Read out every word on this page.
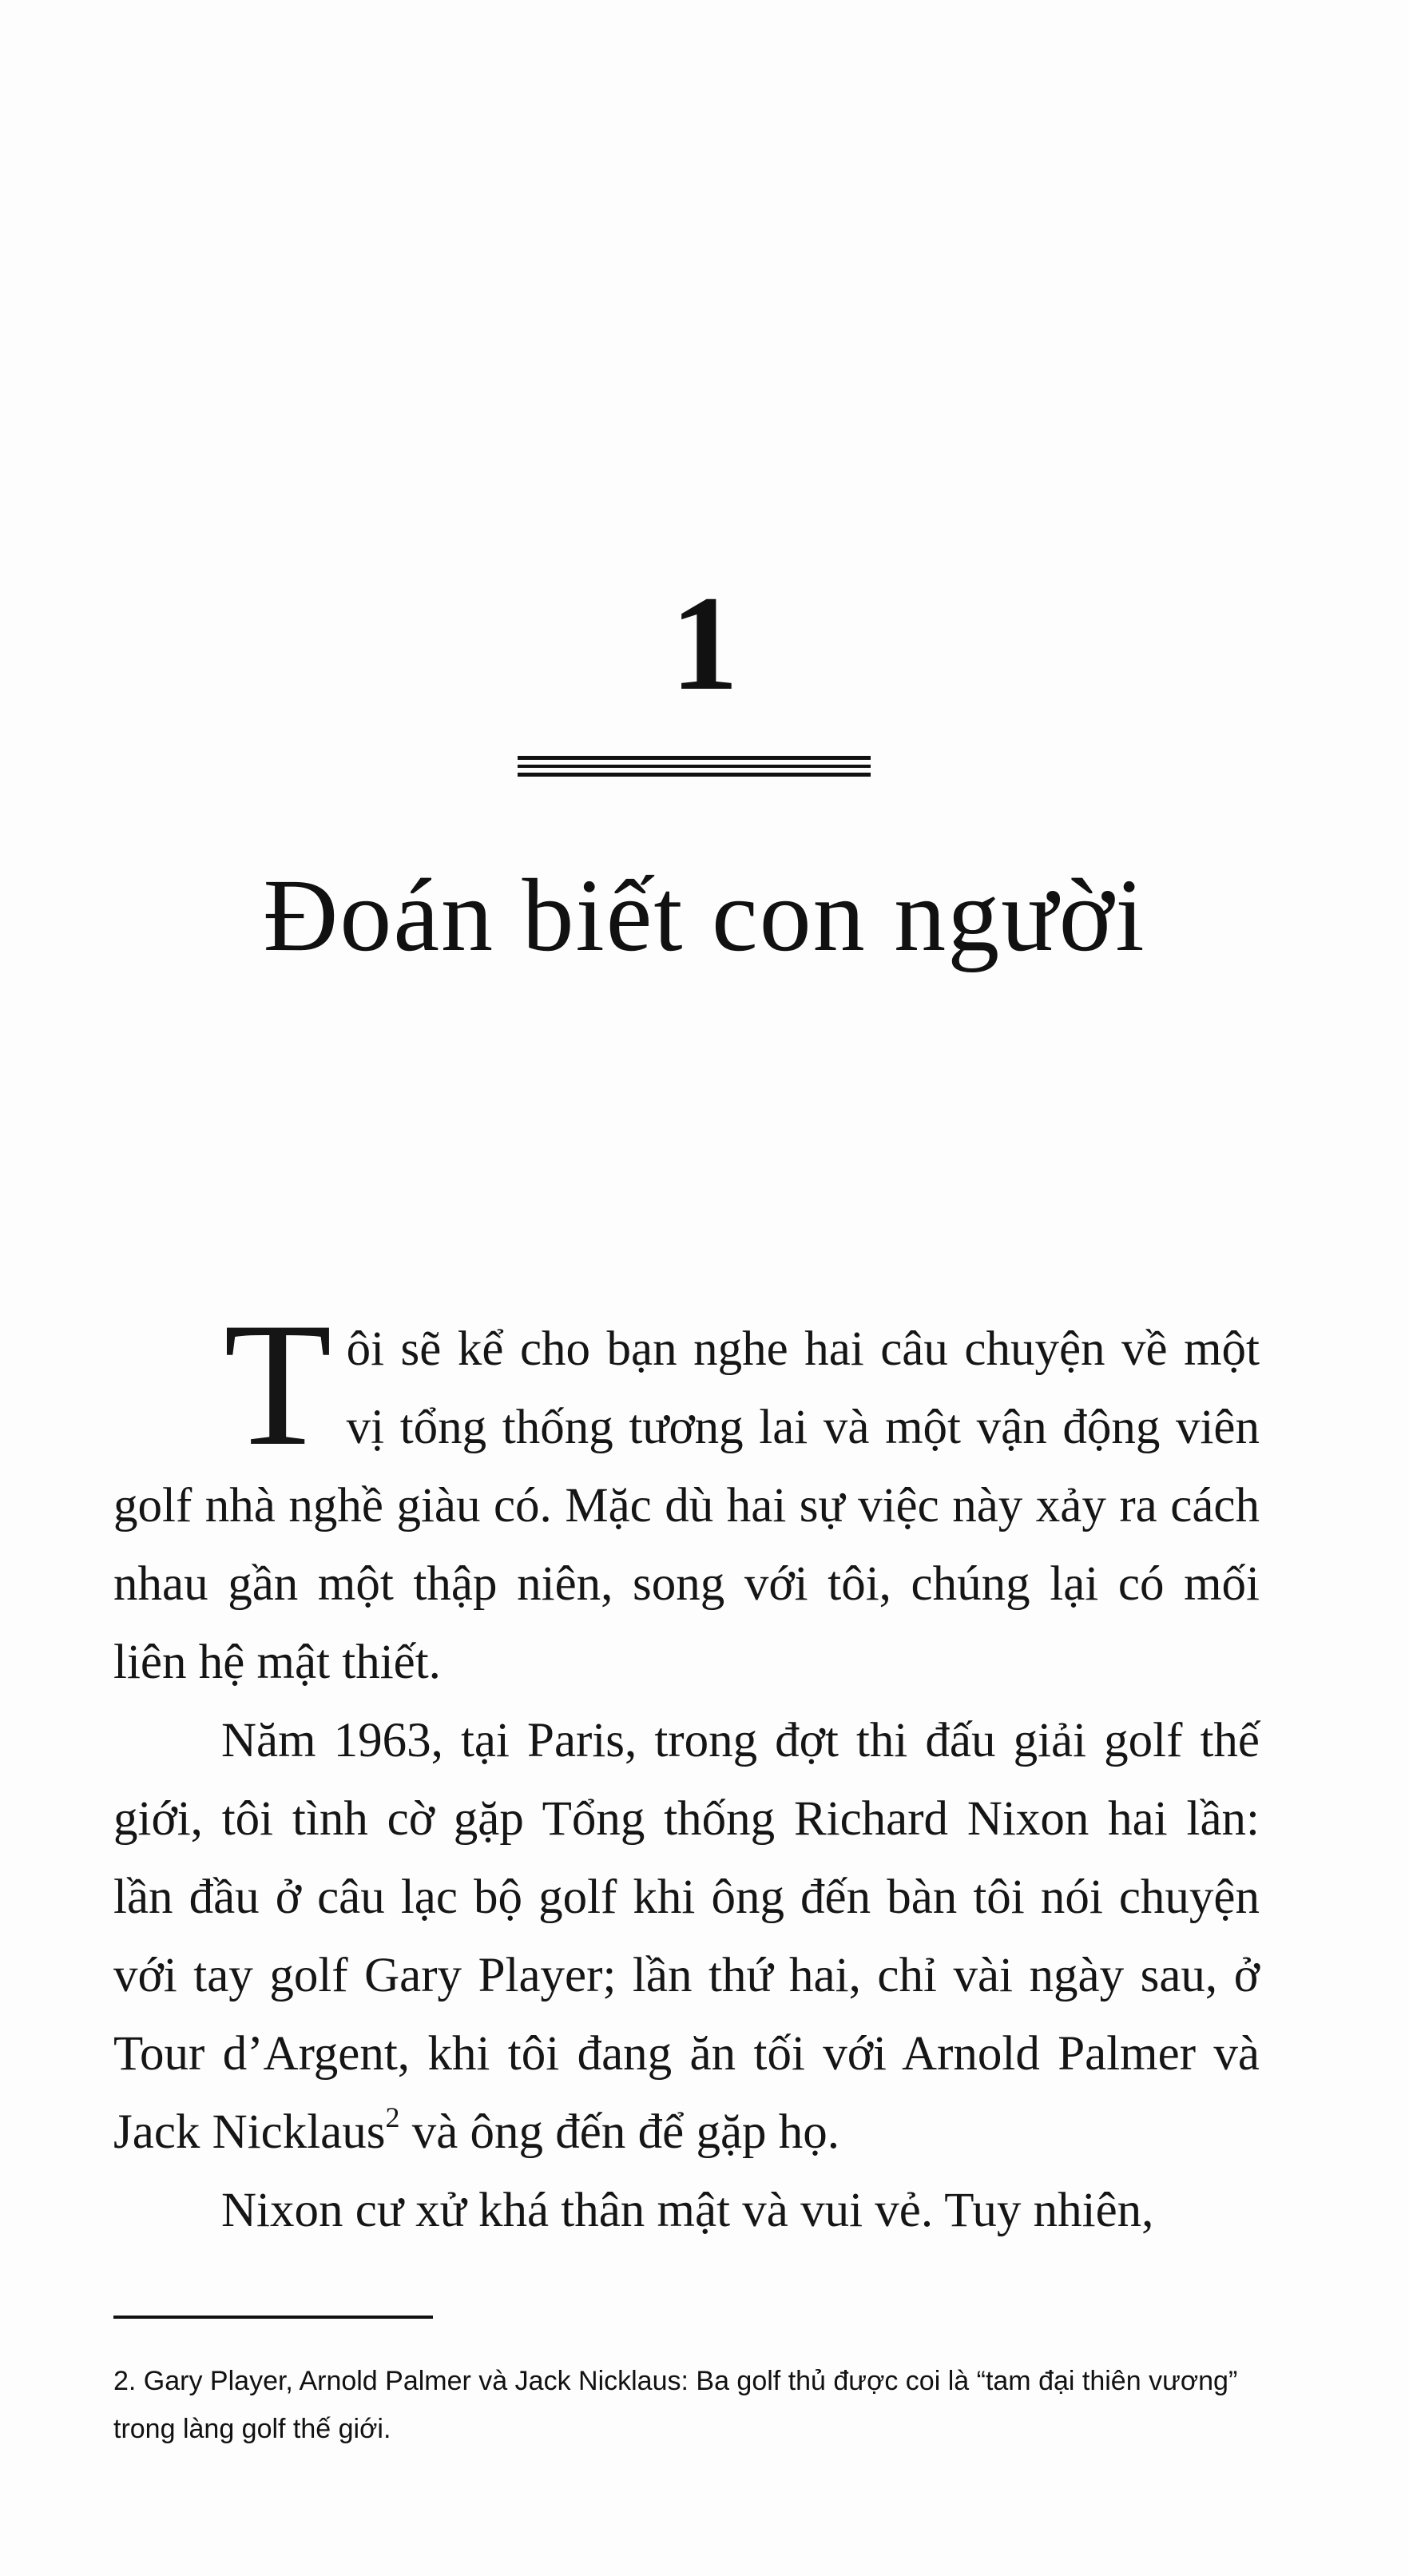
1
Đoán biết con người

Tôi sẽ kể cho bạn nghe hai câu chuyện về một vị tổng thống tương lai và một vận động viên golf nhà nghề giàu có. Mặc dù hai sự việc này xảy ra cách nhau gần một thập niên, song với tôi, chúng lại có mối liên hệ mật thiết.

Năm 1963, tại Paris, trong đợt thi đấu giải golf thế giới, tôi tình cờ gặp Tổng thống Richard Nixon hai lần: lần đầu ở câu lạc bộ golf khi ông đến bàn tôi nói chuyện với tay golf Gary Player; lần thứ hai, chỉ vài ngày sau, ở Tour d’Argent, khi tôi đang ăn tối với Arnold Palmer và Jack Nicklaus$^2$ và ông đến để gặp họ.

Nixon cư xử khá thân mật và vui vẻ. Tuy nhiên,

2. Gary Player, Arnold Palmer và Jack Nicklaus: Ba golf thủ được coi là “tam đại thiên vương” trong làng golf thế giới.
